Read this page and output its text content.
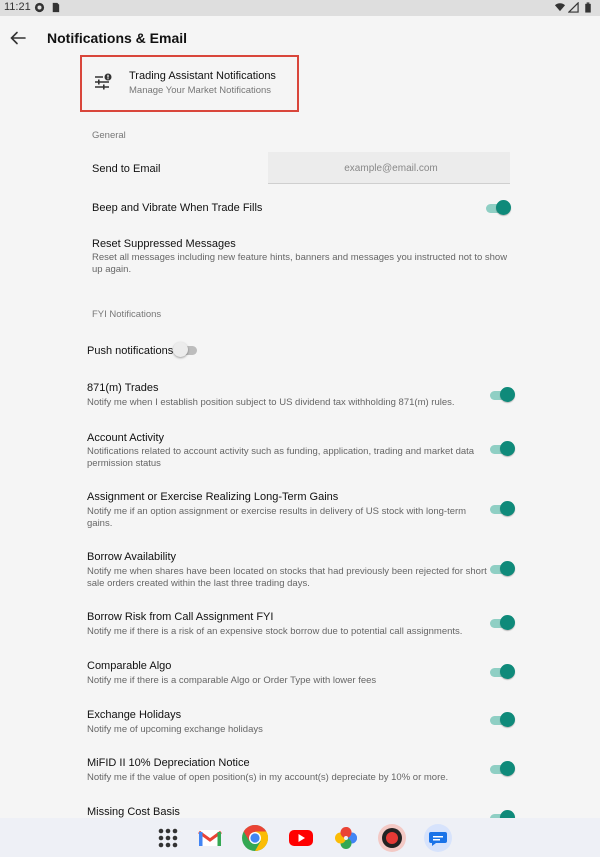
11:21
Notifications & Email
Trading Assistant Notifications
Manage Your Market Notifications
General
Send to Email
example@email.com
Beep and Vibrate When Trade Fills
Reset Suppressed Messages
Reset all messages including new feature hints, banners and messages you instructed not to show
up again.
FYI Notifications
Push notifications
871(m) Trades
Notify me when I establish position subject to US dividend tax withholding 871(m) rules.
Account Activity
Notifications related to account activity such as funding, application, trading and market data
permission status
Assignment or Exercise Realizing Long-Term Gains
Notify me if an option assignment or exercise results in delivery of US stock with long-term
gains.
Borrow Availability
Notify me when shares have been located on stocks that had previously been rejected for short
sale orders created within the last three trading days.
Borrow Risk from Call Assignment FYI
Notify me if there is a risk of an expensive stock borrow due to potential call assignments.
Comparable Algo
Notify me if there is a comparable Algo or Order Type with lower fees
Exchange Holidays
Notify me of upcoming exchange holidays
MiFID II 10% Depreciation Notice
Notify me if the value of open position(s) in my account(s) depreciate by 10% or more.
Missing Cost Basis
